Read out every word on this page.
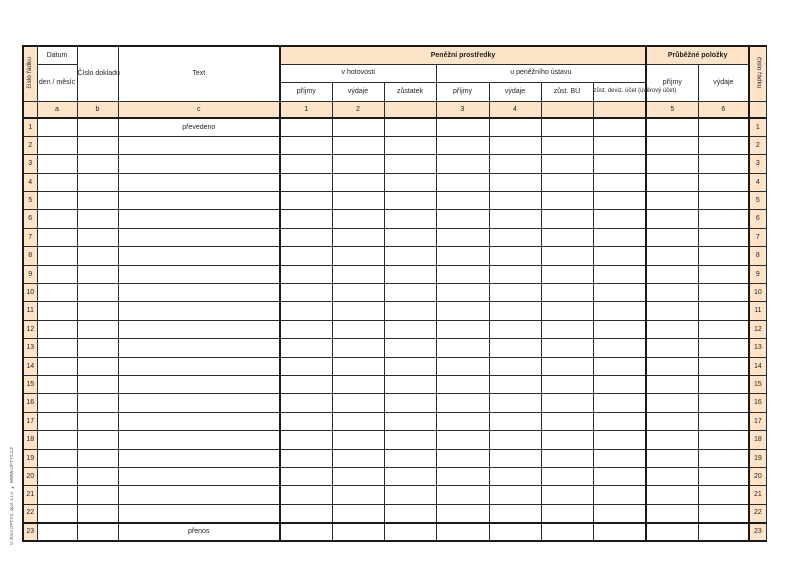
číslo řádku	Datum	Číslo dokladu	Text	Peněžní prostředky							Průběžné položky		číslo řádku
	den / měsíc			v hotovosti			u peněžního ústavu				příjmy	výdaje	
				příjmy	výdaje	zůstatek	příjmy	výdaje	zůst. BÚ	zůst. deviz. účet (úvěrový účet)			
	a	b	c	1	2		3	4			5	6	
1			převedeno										1
2													2
3													3
4													4
5													5
6													6
7													7
8													8
9													9
10													10
11													11
12													12
13													13
14													14
15													15
16													16
17													17
18													18
19													19
20													20
21													21
22													22
23			přenos										23
©2013 OPTYS, spol. s r.o. ▸ WWW.OPTYS.CZ
